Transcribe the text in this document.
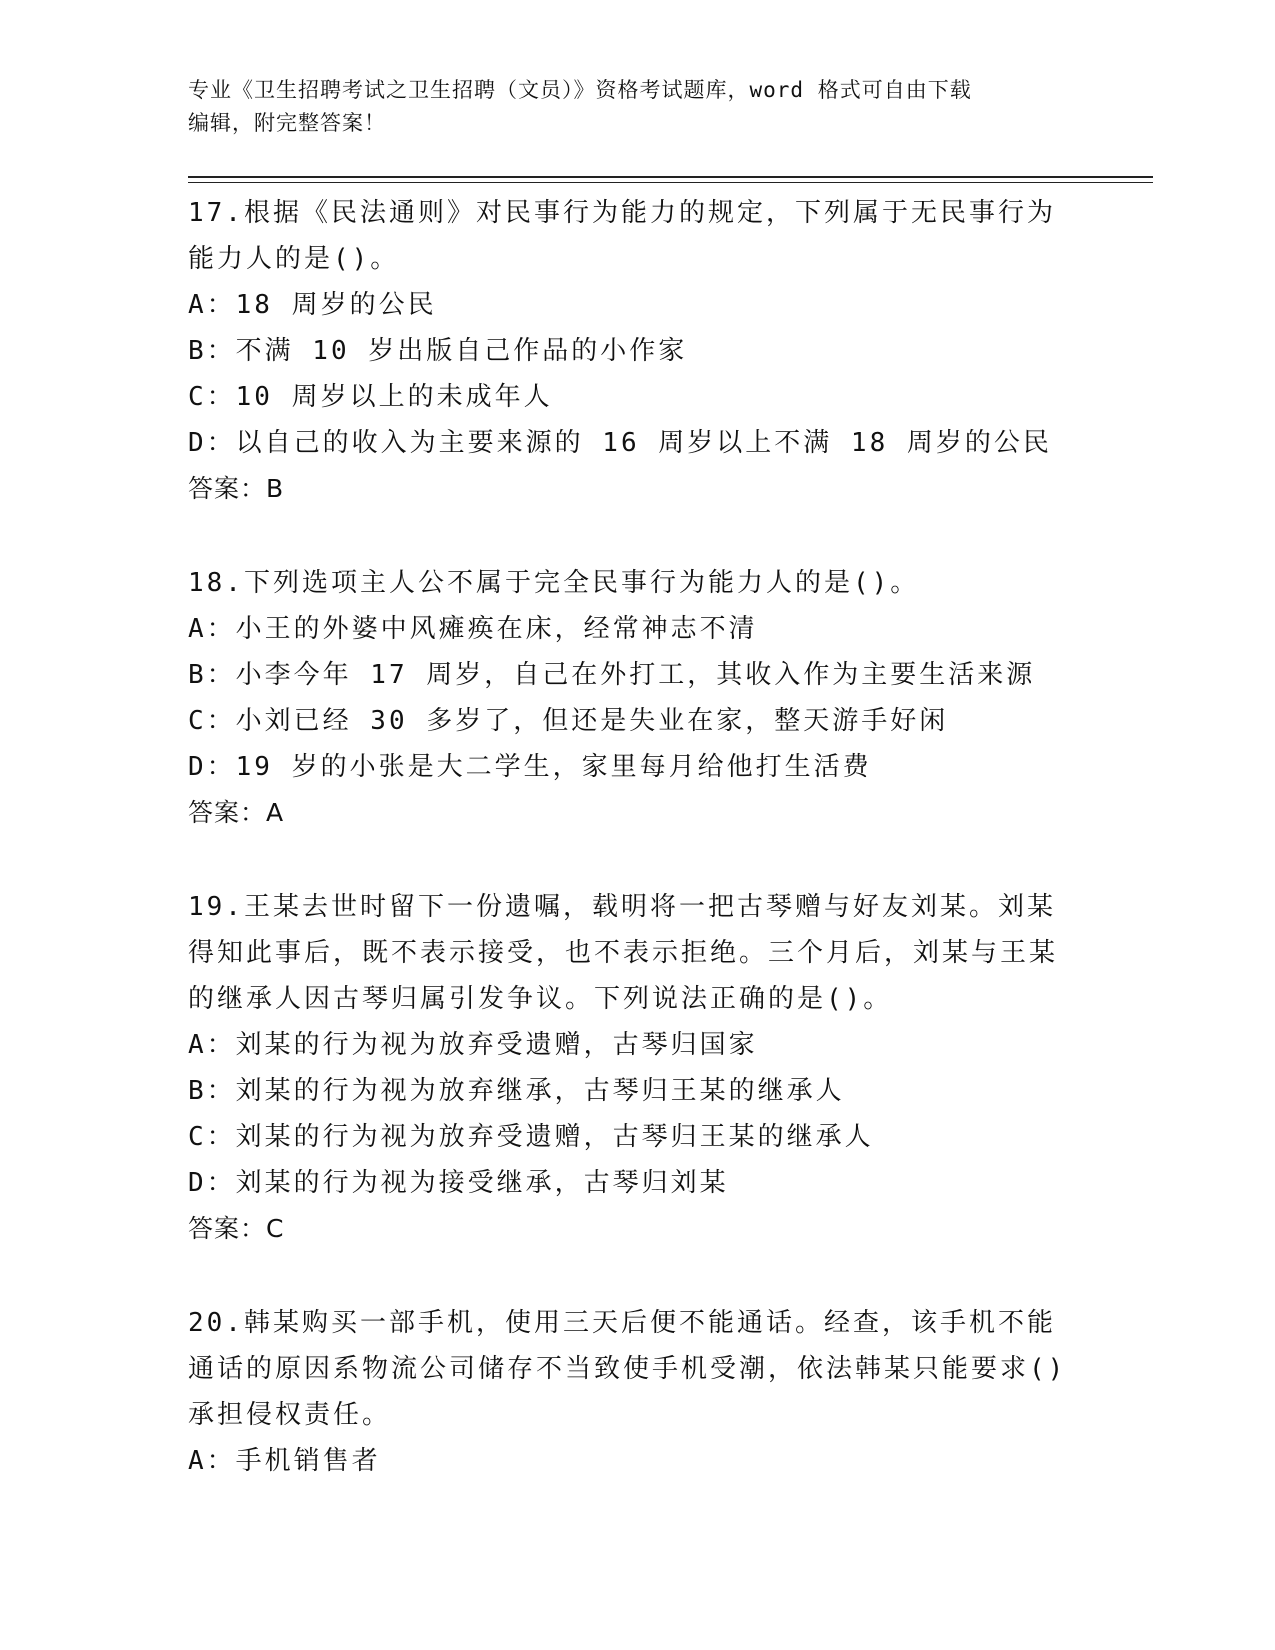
专业《卫生招聘考试之卫生招聘（文员）》资格考试题库，word 格式可自由下载
编辑，附完整答案！

17.根据《民法通则》对民事行为能力的规定，下列属于无民事行为能力人的是()。

A：18 周岁的公民
B：不满 10 岁出版自己作品的小作家
C：10 周岁以上的未成年人
D：以自己的收入为主要来源的 16 周岁以上不满 18 周岁的公民
答案：B

18.下列选项主人公不属于完全民事行为能力人的是()。

A：小王的外婆中风瘫痪在床，经常神志不清
B：小李今年 17 周岁，自己在外打工，其收入作为主要生活来源
C：小刘已经 30 多岁了，但还是失业在家，整天游手好闲
D：19 岁的小张是大二学生，家里每月给他打生活费
答案：A

19.王某去世时留下一份遗嘱，载明将一把古琴赠与好友刘某。刘某得知此事后，既不表示接受，也不表示拒绝。三个月后，刘某与王某的继承人因古琴归属引发争议。下列说法正确的是()。

A：刘某的行为视为放弃受遗赠，古琴归国家
B：刘某的行为视为放弃继承，古琴归王某的继承人
C：刘某的行为视为放弃受遗赠，古琴归王某的继承人
D：刘某的行为视为接受继承，古琴归刘某
答案：C

20.韩某购买一部手机，使用三天后便不能通话。经查，该手机不能通话的原因系物流公司储存不当致使手机受潮，依法韩某只能要求()承担侵权责任。

A：手机销售者
